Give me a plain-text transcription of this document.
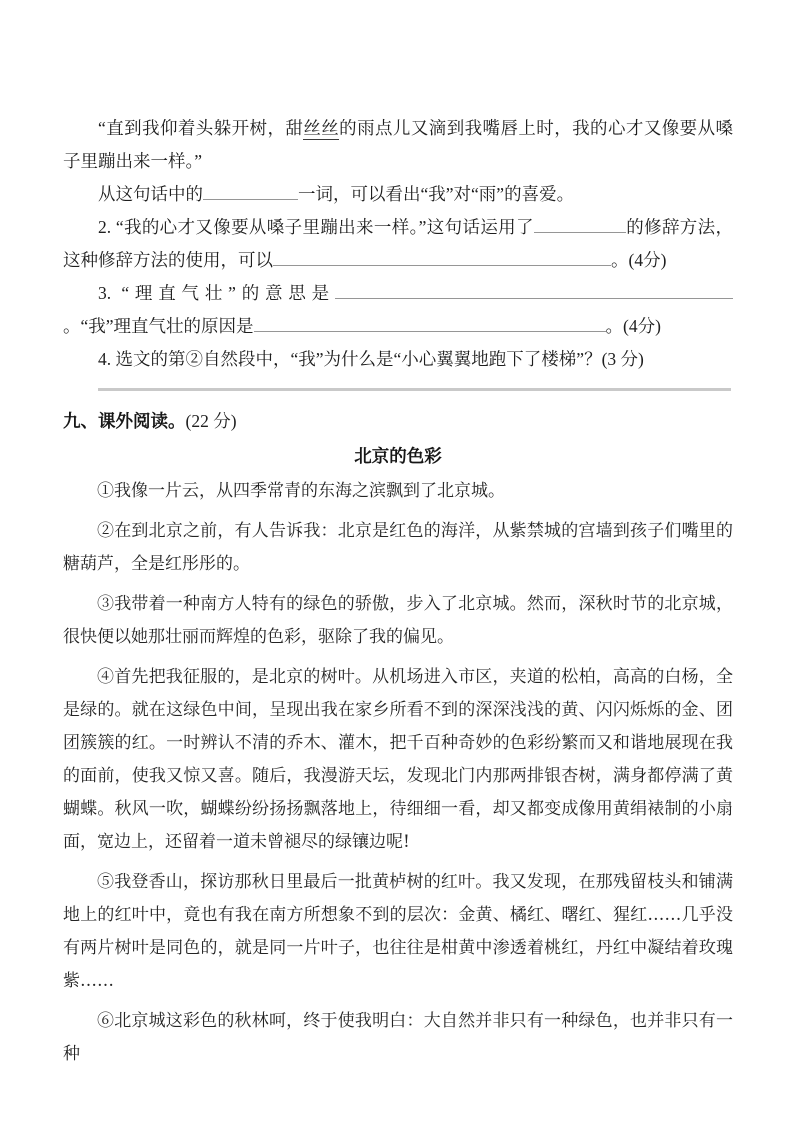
“直到我仰着头躲开树，甜丝丝的雨点儿又滴到我嘴唇上时，我的心才又像要从嗓子里蹦出来一样。”

从这句话中的	一词，可以看出“我”对“雨”的喜爱。

2. “我的心才又像要从嗓子里蹦出来一样。”这句话运用了	的修辞方法，这种修辞方法的使用，可以	。(4分)

3. “理直气壮”的意思是。“我”理直气壮的原因是	。(4分)

4. 选文的第②自然段中，“我”为什么是“小心翼翼地跑下了楼梯”？(3 分)

九、课外阅读。(22 分)

北京的色彩

①我像一片云，从四季常青的东海之滨飘到了北京城。

②在到北京之前，有人告诉我：北京是红色的海洋，从紫禁城的宫墙到孩子们嘴里的糖葫芦，全是红彤彤的。

③我带着一种南方人特有的绿色的骄傲，步入了北京城。然而，深秋时节的北京城，很快便以她那壮丽而辉煌的色彩，驱除了我的偏见。

④首先把我征服的，是北京的树叶。从机场进入市区，夹道的松柏，高高的白杨，全是绿的。就在这绿色中间，呈现出我在家乡所看不到的深深浅浅的黄、闪闪烁烁的金、团团簇簇的红。一时辨认不清的乔木、灌木，把千百种奇妙的色彩纷繁而又和谐地展现在我的面前，使我又惊又喜。随后，我漫游天坛，发现北门内那两排银杏树，满身都停满了黄蝴蝶。秋风一吹，蝴蝶纷纷扬扬飘落地上，待细细一看，却又都变成像用黄绢裱制的小扇面，宽边上，还留着一道未曾褪尽的绿镶边呢!

⑤我登香山，探访那秋日里最后一批黄栌树的红叶。我又发现，在那残留枝头和铺满地上的红叶中，竟也有我在南方所想象不到的层次：金黄、橘红、曙红、猩红……几乎没有两片树叶是同色的，就是同一片叶子，也往往是柑黄中渗透着桃红，丹红中凝结着玫瑰紫……

⑥北京城这彩色的秋林呵，终于使我明白：大自然并非只有一种绿色，也并非只有一种
